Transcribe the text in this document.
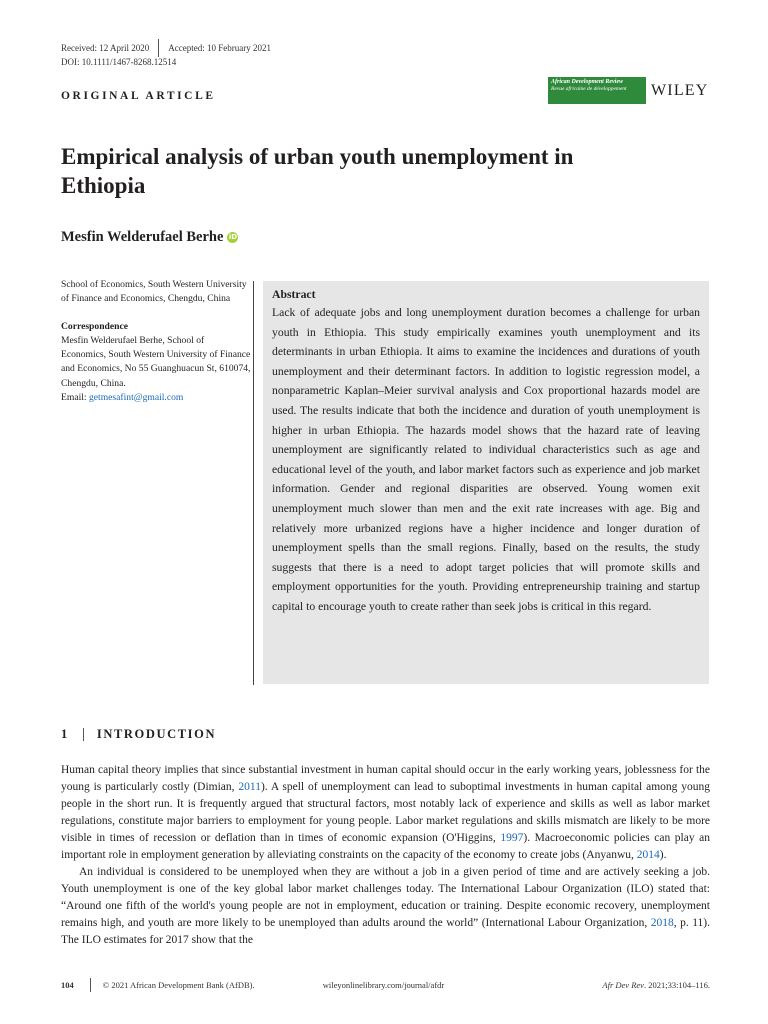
Received: 12 April 2020 Accepted: 10 February 2021
DOI: 10.1111/1467-8268.12514
ORIGINAL ARTICLE
African Development Review
Revue africaine de développement	WILEY
Empirical analysis of urban youth unemployment in Ethiopia
Mesfin Welderufael Berhe iD

School of Economics, South Western University of Finance and Economics, Chengdu, China

Correspondence

Mesfin Welderufael Berhe, School of Economics, South Western University of Finance and Economics, No 55 Guanghuacun St, 610074, Chengdu, China.

Email: getmesafint@gmail.com

Abstract

Lack of adequate jobs and long unemployment duration becomes a challenge for urban youth in Ethiopia. This study empirically examines youth unemployment and its determinants in urban Ethiopia. It aims to examine the incidences and durations of youth unemployment and their determinant factors. In addition to logistic regression model, a nonparametric Kaplan–Meier survival analysis and Cox proportional hazards model are used. The results indicate that both the incidence and duration of youth unemployment is higher in urban Ethiopia. The hazards model shows that the hazard rate of leaving unemployment are significantly related to individual characteristics such as age and educational level of the youth, and labor market factors such as experience and job market information. Gender and regional disparities are observed. Young women exit unemployment much slower than men and the exit rate increases with age. Big and relatively more urbanized regions have a higher incidence and longer duration of unemployment spells than the small regions. Finally, based on the results, the study suggests that there is a need to adopt target policies that will promote skills and employment opportunities for the youth. Providing entrepreneurship training and startup capital to encourage youth to create rather than seek jobs is critical in this regard.

1 INTRODUCTION

Human capital theory implies that since substantial investment in human capital should occur in the early working years, joblessness for the young is particularly costly (Dimian, 2011). A spell of unemployment can lead to suboptimal investments in human capital among young people in the short run. It is frequently argued that structural factors, most notably lack of experience and skills as well as labor market regulations, constitute major barriers to employment for young people. Labor market regulations and skills mismatch are likely to be more visible in times of recession or deflation than in times of economic expansion (O'Higgins, 1997). Macroeconomic policies can play an important role in employment generation by alleviating constraints on the capacity of the economy to create jobs (Anyanwu, 2014).

An individual is considered to be unemployed when they are without a job in a given period of time and are actively seeking a job. Youth unemployment is one of the key global labor market challenges today. The International Labour Organization (ILO) stated that: “Around one fifth of the world's young people are not in employment, education or training. Despite economic recovery, unemployment remains high, and youth are more likely to be unemployed than adults around the world” (International Labour Organization, 2018, p. 11). The ILO estimates for 2017 show that the

104	© 2021 African Development Bank (AfDB).	wileyonlinelibrary.com/journal/afdr	Afr Dev Rev. 2021;33:104–116.
